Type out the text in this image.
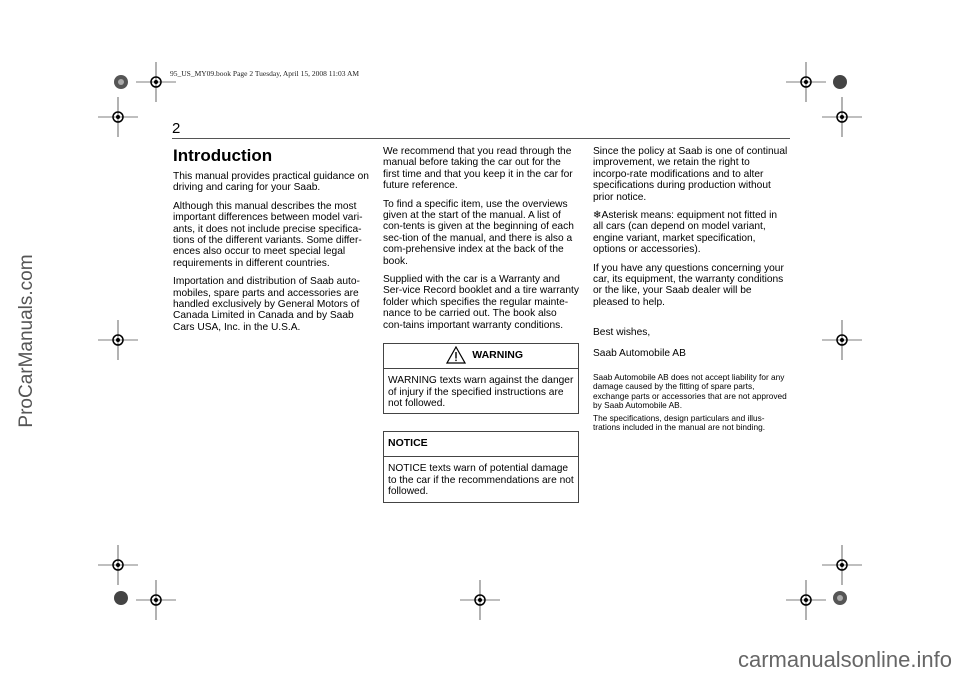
95_US_MY09.book Page 2 Tuesday, April 15, 2008 11:03 AM
ProCarManuals.com
2
Introduction

This manual provides practical guidance on driving and caring for your Saab.

Although this manual describes the most important differences between model vari-ants, it does not include precise specifica-tions of the different variants. Some differ-ences also occur to meet special legal requirements in different countries.

Importation and distribution of Saab auto-mobiles, spare parts and accessories are handled exclusively by General Motors of Canada Limited in Canada and by Saab Cars USA, Inc. in the U.S.A.

We recommend that you read through the manual before taking the car out for the first time and that you keep it in the car for future reference.

To find a specific item, use the overviews given at the start of the manual. A list of con-tents is given at the beginning of each sec-tion of the manual, and there is also a com-prehensive index at the back of the book.

Supplied with the car is a Warranty and Ser-vice Record booklet and a tire warranty folder which specifies the regular mainte-nance to be carried out. The book also con-tains important warranty conditions.

WARNING
WARNING texts warn against the danger of injury if the specified instructions are not followed.
NOTICE
NOTICE texts warn of potential damage to the car if the recommendations are not followed.

Since the policy at Saab is one of continual improvement, we retain the right to incorpo-rate modifications and to alter specifications during production without prior notice.

❄Asterisk means: equipment not fitted in all cars (can depend on model variant, engine variant, market specification, options or accessories).

If you have any questions concerning your car, its equipment, the warranty conditions or the like, your Saab dealer will be pleased to help.

Best wishes,

Saab Automobile AB

Saab Automobile AB does not accept liability for any damage caused by the fitting of spare parts, exchange parts or accessories that are not approved by Saab Automobile AB.

The specifications, design particulars and illus-trations included in the manual are not binding.

carmanualsonline.info
